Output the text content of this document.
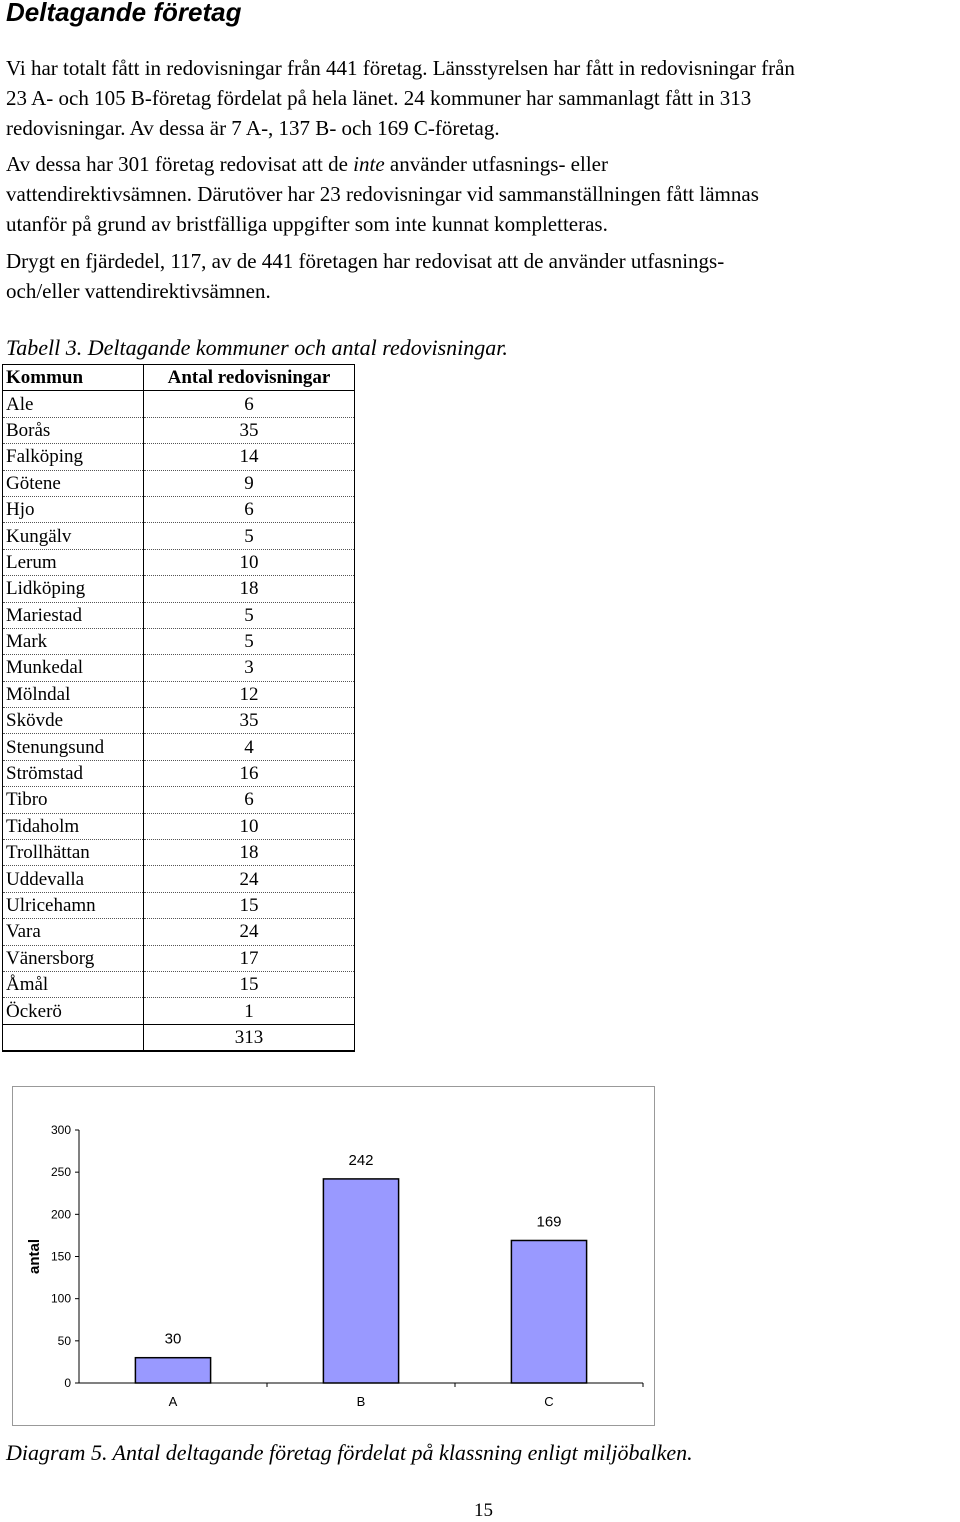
Deltagande företag
Vi har totalt fått in redovisningar från 441 företag. Länsstyrelsen har fått in redovisningar från
23 A- och 105 B-företag fördelat på hela länet. 24 kommuner har sammanlagt fått in 313
redovisningar. Av dessa är 7 A-, 137 B- och 169 C-företag.
Av dessa har 301 företag redovisat att de inte använder utfasnings- eller
vattendirektivsämnen. Därutöver har 23 redovisningar vid sammanställningen fått lämnas
utanför på grund av bristfälliga uppgifter som inte kunnat kompletteras.
Drygt en fjärdedel, 117, av de 441 företagen har redovisat att de använder utfasnings-
och/eller vattendirektivsämnen.
Tabell 3. Deltagande kommuner och antal redovisningar.
Kommun	Antal redovisningar
Ale	6
Borås	35
Falköping	14
Götene	9
Hjo	6
Kungälv	5
Lerum	10
Lidköping	18
Mariestad	5
Mark	5
Munkedal	3
Mölndal	12
Skövde	35
Stenungsund	4
Strömstad	16
Tibro	6
Tidaholm	10
Trollhättan	18
Uddevalla	24
Ulricehamn	15
Vara	24
Vänersborg	17
Åmål	15
Öckerö	1
	313
0
50
100
150
200
250
300
antal
30
A
242
B
169
C
Diagram 5. Antal deltagande företag fördelat på klassning enligt miljöbalken.
15
